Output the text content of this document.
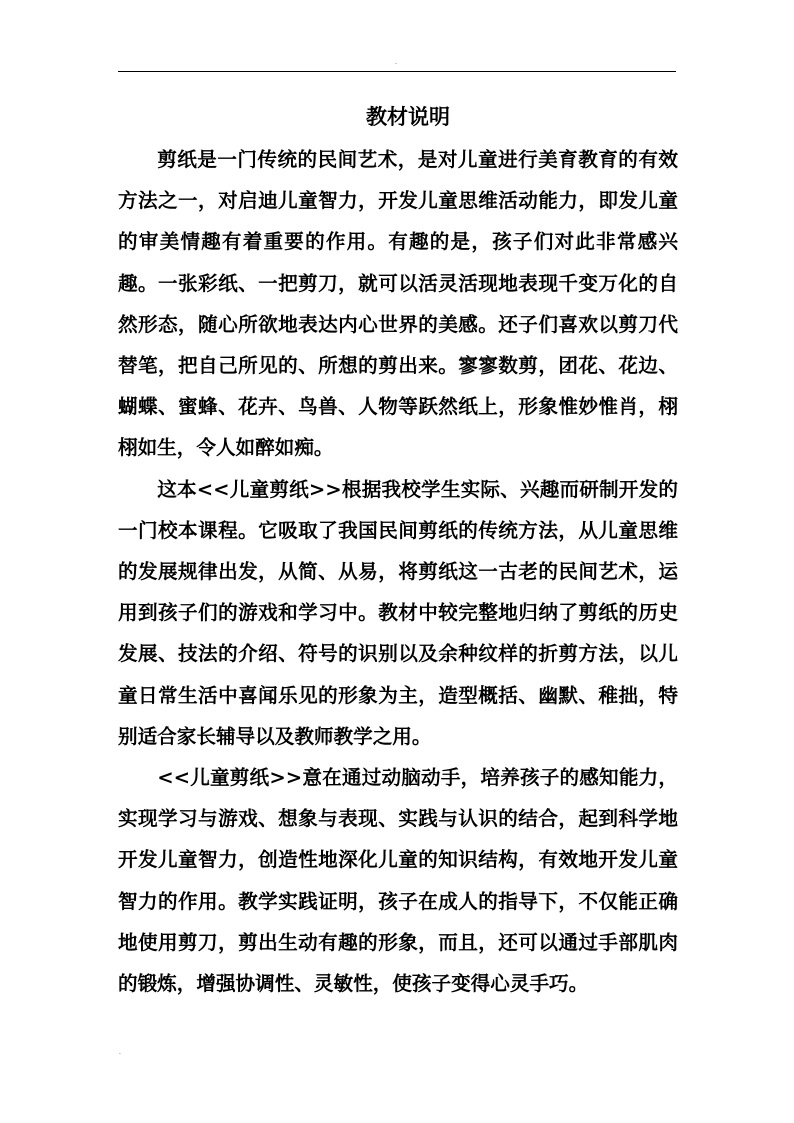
.
教材说明

剪纸是一门传统的民间艺术，是对儿童进行美育教育的有效方法之一，对启迪儿童智力，开发儿童思维活动能力，即发儿童的审美情趣有着重要的作用。有趣的是，孩子们对此非常感兴趣。一张彩纸、一把剪刀，就可以活灵活现地表现千变万化的自然形态，随心所欲地表达内心世界的美感。还子们喜欢以剪刀代替笔，把自己所见的、所想的剪出来。寥寥数剪，团花、花边、蝴蝶、蜜蜂、花卉、鸟兽、人物等跃然纸上，形象惟妙惟肖，栩栩如生，令人如醉如痴。

这本<<儿童剪纸>>根据我校学生实际、兴趣而研制开发的一门校本课程。它吸取了我国民间剪纸的传统方法，从儿童思维的发展规律出发，从简、从易，将剪纸这一古老的民间艺术，运用到孩子们的游戏和学习中。教材中较完整地归纳了剪纸的历史发展、技法的介绍、符号的识别以及余种纹样的折剪方法，以儿童日常生活中喜闻乐见的形象为主，造型概括、幽默、稚拙，特别适合家长辅导以及教师教学之用。

<<儿童剪纸>>意在通过动脑动手，培养孩子的感知能力，实现学习与游戏、想象与表现、实践与认识的结合，起到科学地开发儿童智力，创造性地深化儿童的知识结构，有效地开发儿童智力的作用。教学实践证明，孩子在成人的指导下，不仅能正确地使用剪刀，剪出生动有趣的形象，而且，还可以通过手部肌肉的锻炼，增强协调性、灵敏性，使孩子变得心灵手巧。

.
